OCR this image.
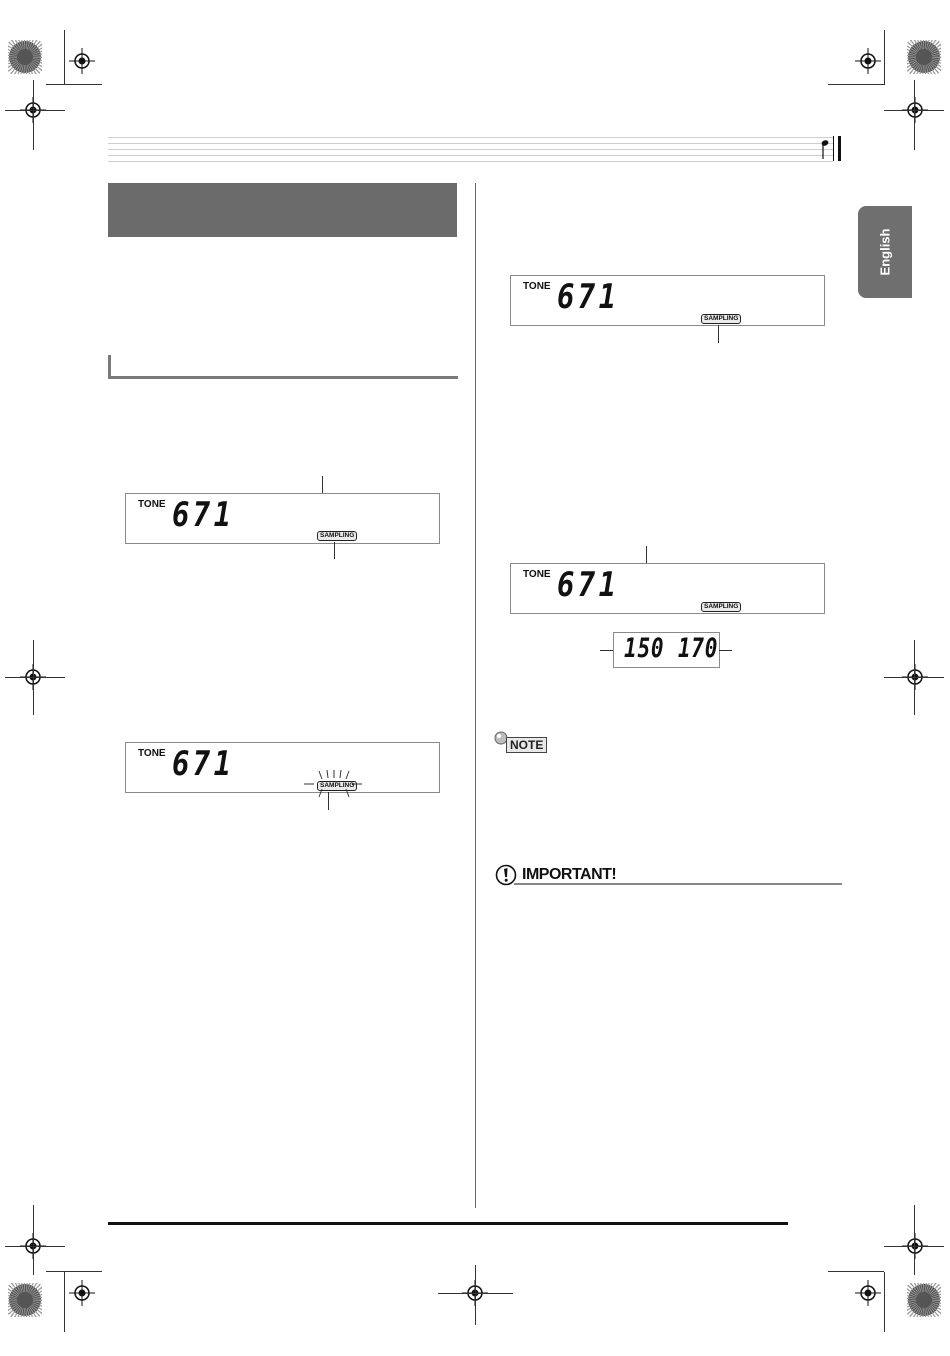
English
TONE 671
SAMPLING
TONE 671
SAMPLING
TONE 671
SAMPLING
TONE 671
SAMPLING
150 170
NOTE
IMPORTANT!
